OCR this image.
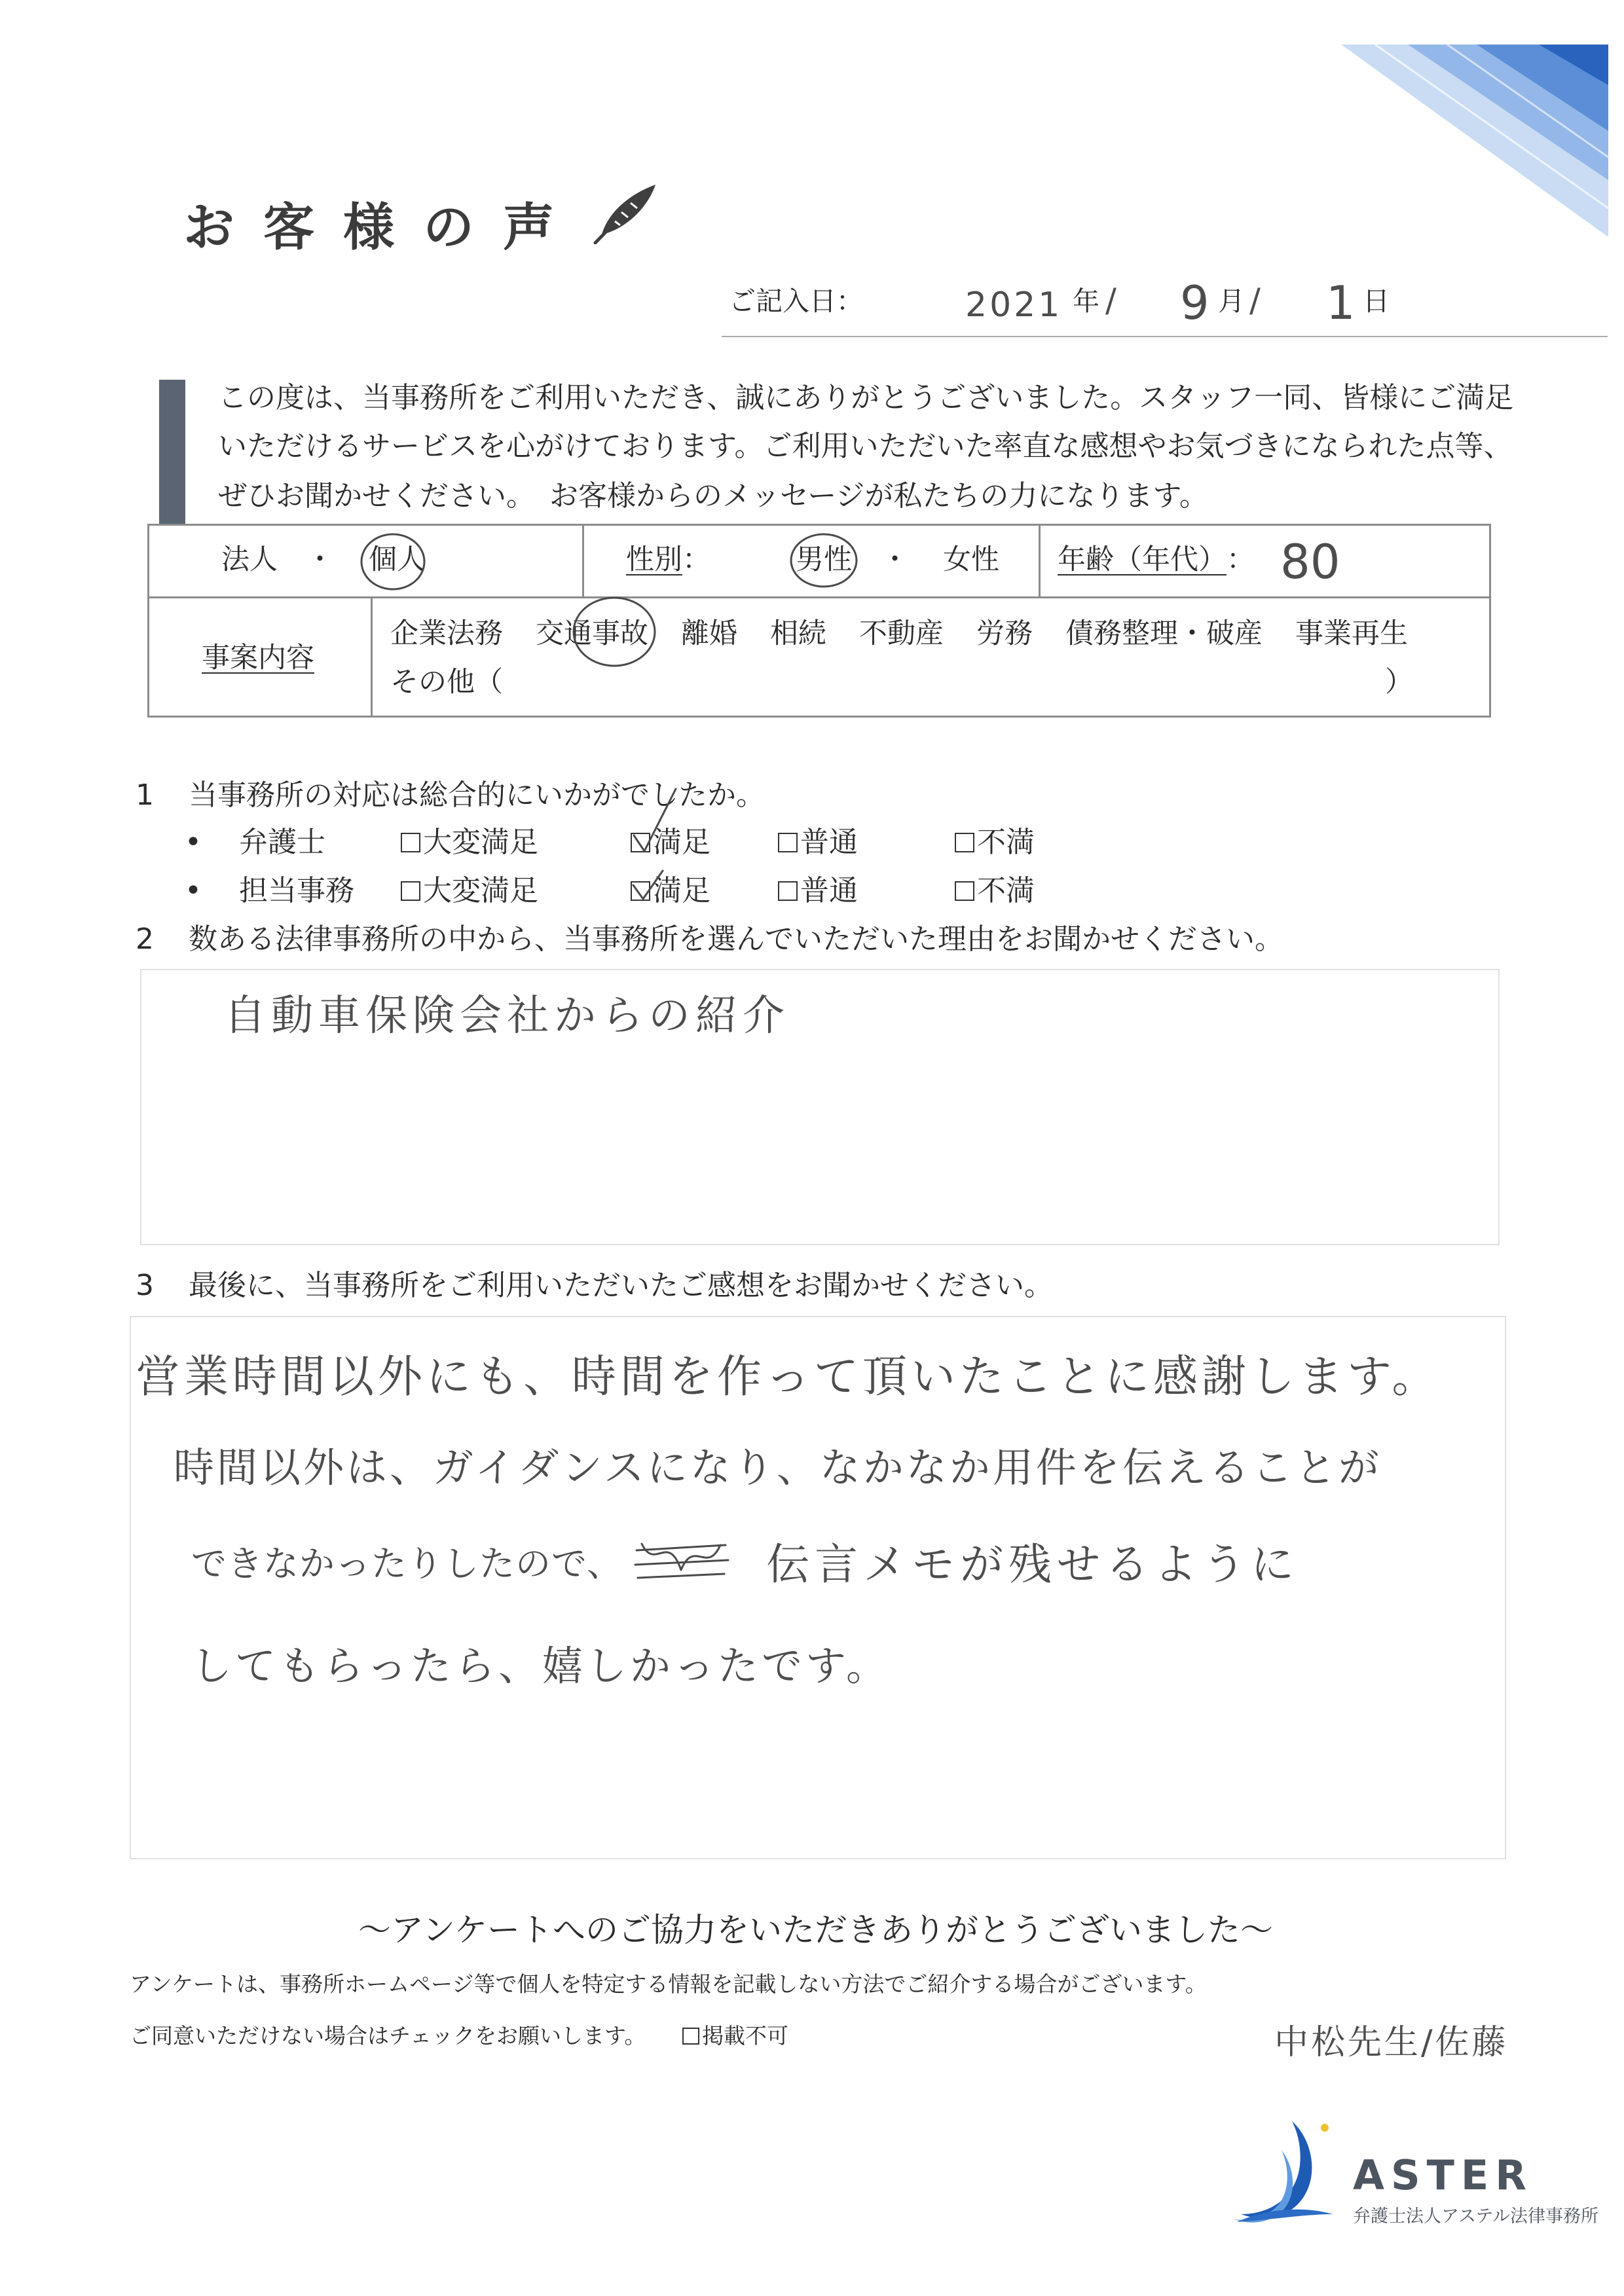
お客様の声
ご記入日：	2021 年 / 9 月 / 1 日
この度は、当事務所をご利用いただき、誠にありがとうございました。スタッフ一同、皆様にご満足
いただけるサービスを心がけております。ご利用いただいた率直な感想やお気づきになられた点等、
ぜひお聞かせください。　お客様からのメッセージが私たちの力になります。
法人 ・ 個人	性別 ：	男性 ・ 女性 年齢（年代） ： 80
事案内容
企業法務 交通事故 離婚 相続 不動産 労務 債務整理・破産 事業再生
その他（	）
1 当事務所の対応は総合的にいかがでしたか。
• 弁護士	大変満足	満足	普通	不満
• 担当事務 大変満足	満足	普通	不満
2 数ある法律事務所の中から、当事務所を選んでいただいた理由をお聞かせください。
自動車保険会社からの紹介
3 最後に、当事務所をご利用いただいたご感想をお聞かせください。
営業時間以外にも、時間を作って頂いたことに感謝します。
時間以外は、ガイダンスになり、なかなか用件を伝えることが
できなかったりしたので、	伝言メモが残せるように
してもらったら、嬉しかったです。
～アンケートへのご協力をいただきありがとうございました～
アンケートは、事務所ホームページ等で個人を特定する情報を記載しない方法でご紹介する場合がございます。
ご同意いただけない場合はチェックをお願いします。	掲載不可	中松先生/佐藤
ASTER
弁護士法人アステル法律事務所
